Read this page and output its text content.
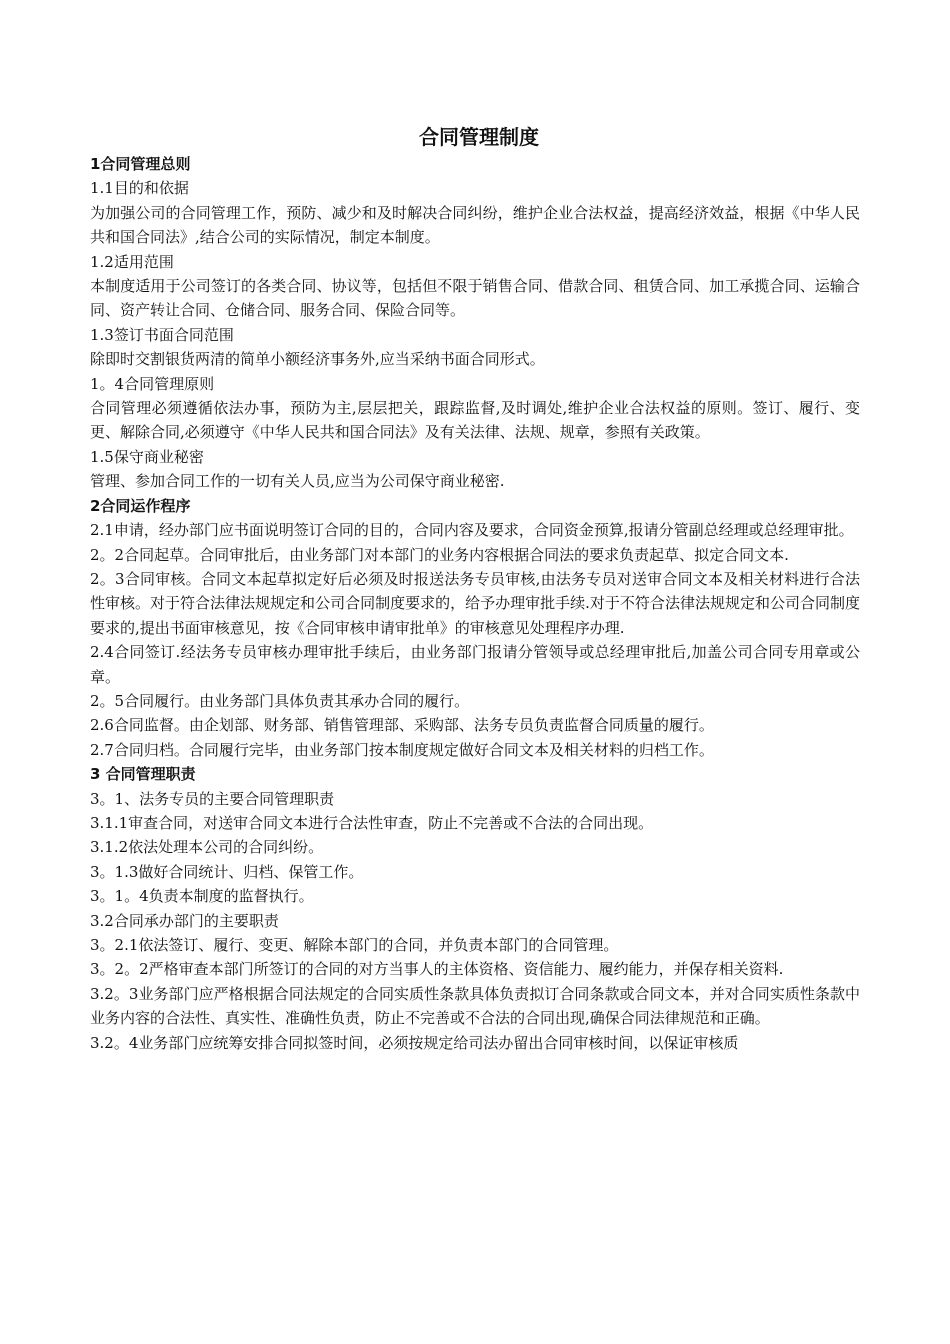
合同管理制度
1合同管理总则
1.1目的和依据
为加强公司的合同管理工作，预防、减少和及时解决合同纠纷，维护企业合法权益，提高经济效益，根据《中华人民共和国合同法》,结合公司的实际情况，制定本制度。
1.2适用范围
本制度适用于公司签订的各类合同、协议等，包括但不限于销售合同、借款合同、租赁合同、加工承揽合同、运输合同、资产转让合同、仓储合同、服务合同、保险合同等。
1.3签订书面合同范围
除即时交割银货两清的简单小额经济事务外,应当采纳书面合同形式。
1。4合同管理原则
合同管理必须遵循依法办事，预防为主,层层把关，跟踪监督,及时调处,维护企业合法权益的原则。签订、履行、变更、解除合同,必须遵守《中华人民共和国合同法》及有关法律、法规、规章，参照有关政策。
1.5保守商业秘密
管理、参加合同工作的一切有关人员,应当为公司保守商业秘密.
2合同运作程序
2.1申请，经办部门应书面说明签订合同的目的，合同内容及要求，合同资金预算,报请分管副总经理或总经理审批。
2。2合同起草。合同审批后，由业务部门对本部门的业务内容根据合同法的要求负责起草、拟定合同文本.
2。3合同审核。合同文本起草拟定好后必须及时报送法务专员审核,由法务专员对送审合同文本及相关材料进行合法性审核。对于符合法律法规规定和公司合同制度要求的，给予办理审批手续.对于不符合法律法规规定和公司合同制度要求的,提出书面审核意见，按《合同审核申请审批单》的审核意见处理程序办理.
2.4合同签订.经法务专员审核办理审批手续后，由业务部门报请分管领导或总经理审批后,加盖公司合同专用章或公章。
2。5合同履行。由业务部门具体负责其承办合同的履行。
2.6合同监督。由企划部、财务部、销售管理部、采购部、法务专员负责监督合同质量的履行。
2.7合同归档。合同履行完毕，由业务部门按本制度规定做好合同文本及相关材料的归档工作。
3 合同管理职责
3。1、法务专员的主要合同管理职责
3.1.1审查合同，对送审合同文本进行合法性审查，防止不完善或不合法的合同出现。
3.1.2依法处理本公司的合同纠纷。
3。1.3做好合同统计、归档、保管工作。
3。1。4负责本制度的监督执行。
3.2合同承办部门的主要职责
3。2.1依法签订、履行、变更、解除本部门的合同，并负责本部门的合同管理。
3。2。2严格审查本部门所签订的合同的对方当事人的主体资格、资信能力、履约能力，并保存相关资料.
3.2。3业务部门应严格根据合同法规定的合同实质性条款具体负责拟订合同条款或合同文本，并对合同实质性条款中业务内容的合法性、真实性、准确性负责，防止不完善或不合法的合同出现,确保合同法律规范和正确。
3.2。4业务部门应统筹安排合同拟签时间，必须按规定给司法办留出合同审核时间，以保证审核质
